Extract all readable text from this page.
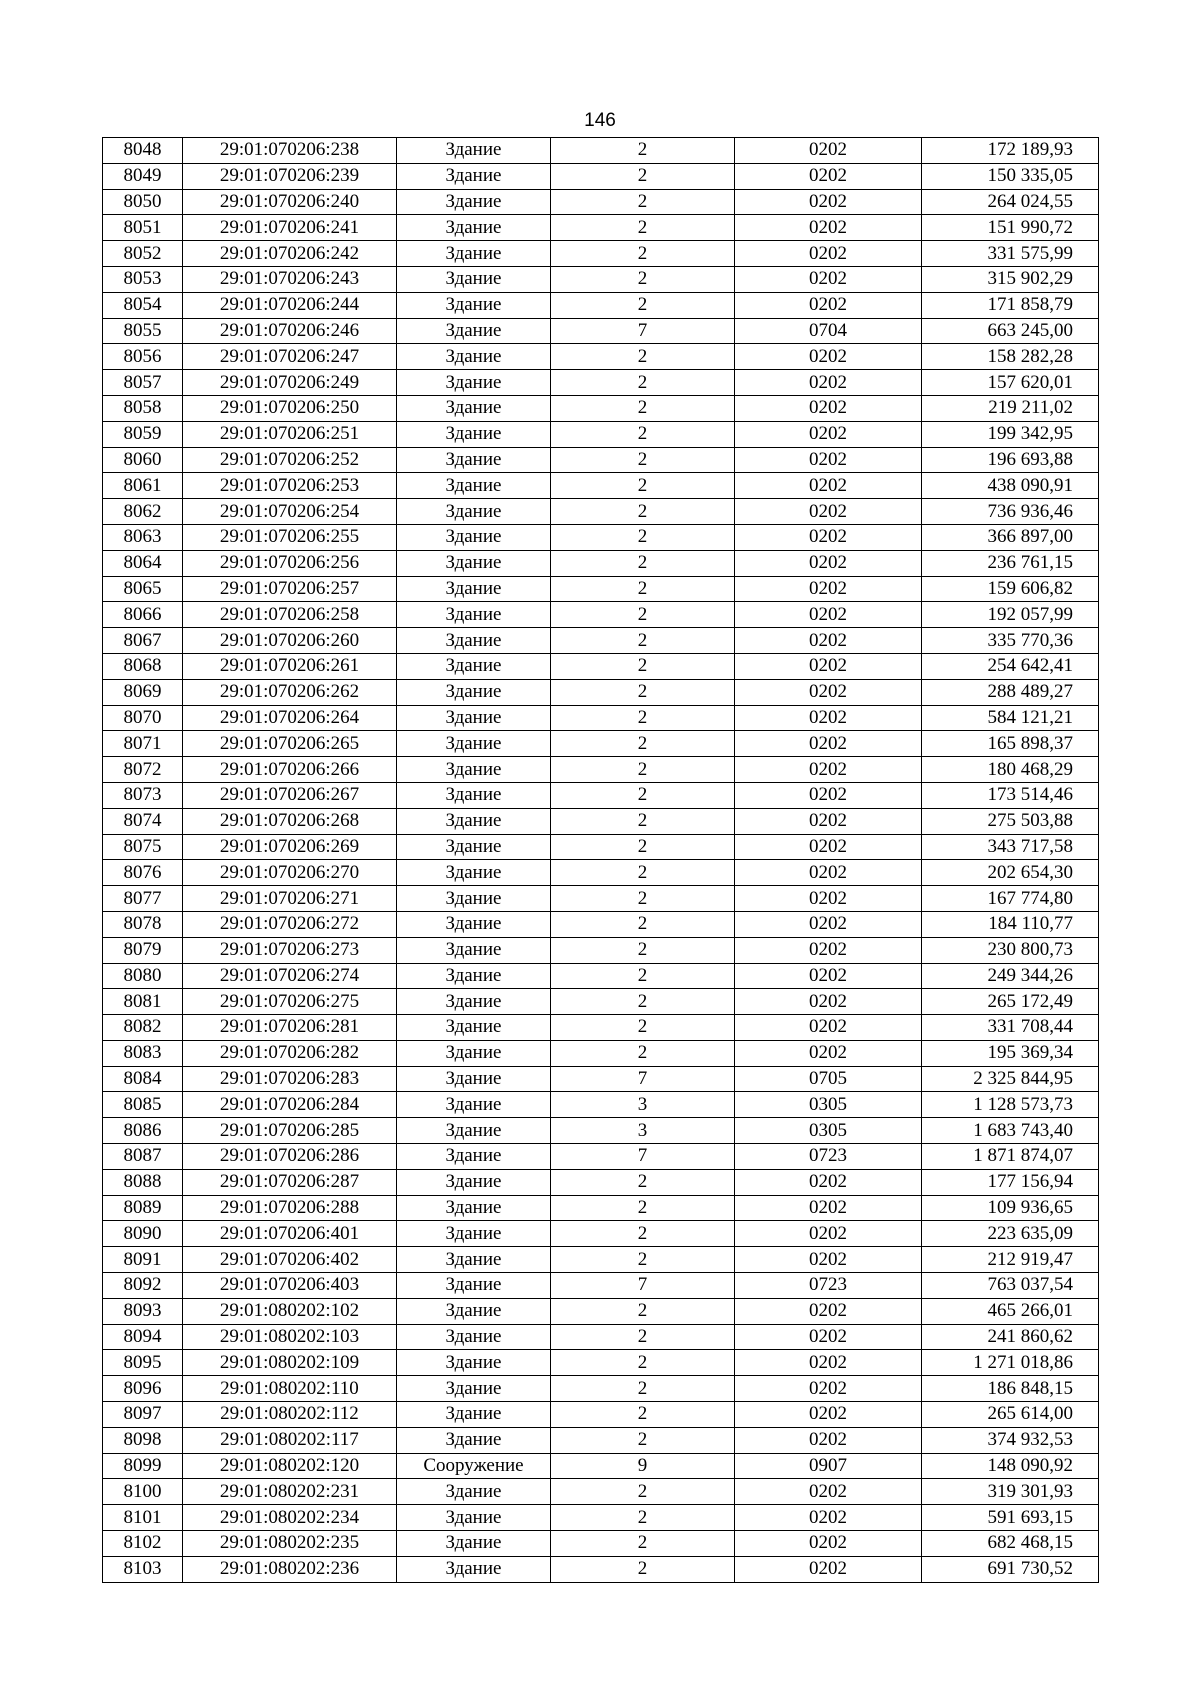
146
8048	29:01:070206:238	Здание	2	0202	172 189,93
8049	29:01:070206:239	Здание	2	0202	150 335,05
8050	29:01:070206:240	Здание	2	0202	264 024,55
8051	29:01:070206:241	Здание	2	0202	151 990,72
8052	29:01:070206:242	Здание	2	0202	331 575,99
8053	29:01:070206:243	Здание	2	0202	315 902,29
8054	29:01:070206:244	Здание	2	0202	171 858,79
8055	29:01:070206:246	Здание	7	0704	663 245,00
8056	29:01:070206:247	Здание	2	0202	158 282,28
8057	29:01:070206:249	Здание	2	0202	157 620,01
8058	29:01:070206:250	Здание	2	0202	219 211,02
8059	29:01:070206:251	Здание	2	0202	199 342,95
8060	29:01:070206:252	Здание	2	0202	196 693,88
8061	29:01:070206:253	Здание	2	0202	438 090,91
8062	29:01:070206:254	Здание	2	0202	736 936,46
8063	29:01:070206:255	Здание	2	0202	366 897,00
8064	29:01:070206:256	Здание	2	0202	236 761,15
8065	29:01:070206:257	Здание	2	0202	159 606,82
8066	29:01:070206:258	Здание	2	0202	192 057,99
8067	29:01:070206:260	Здание	2	0202	335 770,36
8068	29:01:070206:261	Здание	2	0202	254 642,41
8069	29:01:070206:262	Здание	2	0202	288 489,27
8070	29:01:070206:264	Здание	2	0202	584 121,21
8071	29:01:070206:265	Здание	2	0202	165 898,37
8072	29:01:070206:266	Здание	2	0202	180 468,29
8073	29:01:070206:267	Здание	2	0202	173 514,46
8074	29:01:070206:268	Здание	2	0202	275 503,88
8075	29:01:070206:269	Здание	2	0202	343 717,58
8076	29:01:070206:270	Здание	2	0202	202 654,30
8077	29:01:070206:271	Здание	2	0202	167 774,80
8078	29:01:070206:272	Здание	2	0202	184 110,77
8079	29:01:070206:273	Здание	2	0202	230 800,73
8080	29:01:070206:274	Здание	2	0202	249 344,26
8081	29:01:070206:275	Здание	2	0202	265 172,49
8082	29:01:070206:281	Здание	2	0202	331 708,44
8083	29:01:070206:282	Здание	2	0202	195 369,34
8084	29:01:070206:283	Здание	7	0705	2 325 844,95
8085	29:01:070206:284	Здание	3	0305	1 128 573,73
8086	29:01:070206:285	Здание	3	0305	1 683 743,40
8087	29:01:070206:286	Здание	7	0723	1 871 874,07
8088	29:01:070206:287	Здание	2	0202	177 156,94
8089	29:01:070206:288	Здание	2	0202	109 936,65
8090	29:01:070206:401	Здание	2	0202	223 635,09
8091	29:01:070206:402	Здание	2	0202	212 919,47
8092	29:01:070206:403	Здание	7	0723	763 037,54
8093	29:01:080202:102	Здание	2	0202	465 266,01
8094	29:01:080202:103	Здание	2	0202	241 860,62
8095	29:01:080202:109	Здание	2	0202	1 271 018,86
8096	29:01:080202:110	Здание	2	0202	186 848,15
8097	29:01:080202:112	Здание	2	0202	265 614,00
8098	29:01:080202:117	Здание	2	0202	374 932,53
8099	29:01:080202:120	Сооружение	9	0907	148 090,92
8100	29:01:080202:231	Здание	2	0202	319 301,93
8101	29:01:080202:234	Здание	2	0202	591 693,15
8102	29:01:080202:235	Здание	2	0202	682 468,15
8103	29:01:080202:236	Здание	2	0202	691 730,52
